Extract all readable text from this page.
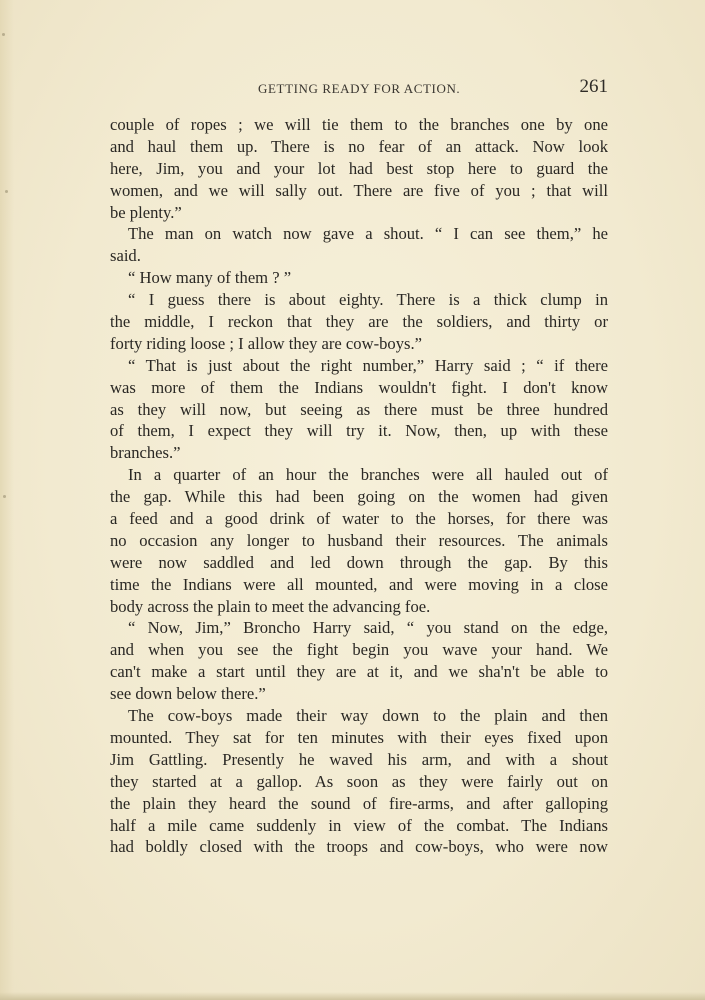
GETTING READY FOR ACTION.	261
couple of ropes ; we will tie them to the branches one by one
and haul them up. There is no fear of an attack. Now look
here, Jim, you and your lot had best stop here to guard the
women, and we will sally out. There are five of you ; that will
be plenty.”
The man on watch now gave a shout. “ I can see them,” he
said.
“ How many of them ? ”
“ I guess there is about eighty. There is a thick clump in
the middle, I reckon that they are the soldiers, and thirty or
forty riding loose ; I allow they are cow-boys.”
“ That is just about the right number,” Harry said ; “ if there
was more of them the Indians wouldn't fight. I don't know
as they will now, but seeing as there must be three hundred
of them, I expect they will try it. Now, then, up with these
branches.”
In a quarter of an hour the branches were all hauled out of
the gap. While this had been going on the women had given
a feed and a good drink of water to the horses, for there was
no occasion any longer to husband their resources. The animals
were now saddled and led down through the gap. By this
time the Indians were all mounted, and were moving in a close
body across the plain to meet the advancing foe.
“ Now, Jim,” Broncho Harry said, “ you stand on the edge,
and when you see the fight begin you wave your hand. We
can't make a start until they are at it, and we sha'n't be able to
see down below there.”
The cow-boys made their way down to the plain and then
mounted. They sat for ten minutes with their eyes fixed upon
Jim Gattling. Presently he waved his arm, and with a shout
they started at a gallop. As soon as they were fairly out on
the plain they heard the sound of fire-arms, and after galloping
half a mile came suddenly in view of the combat. The Indians
had boldly closed with the troops and cow-boys, who were now
